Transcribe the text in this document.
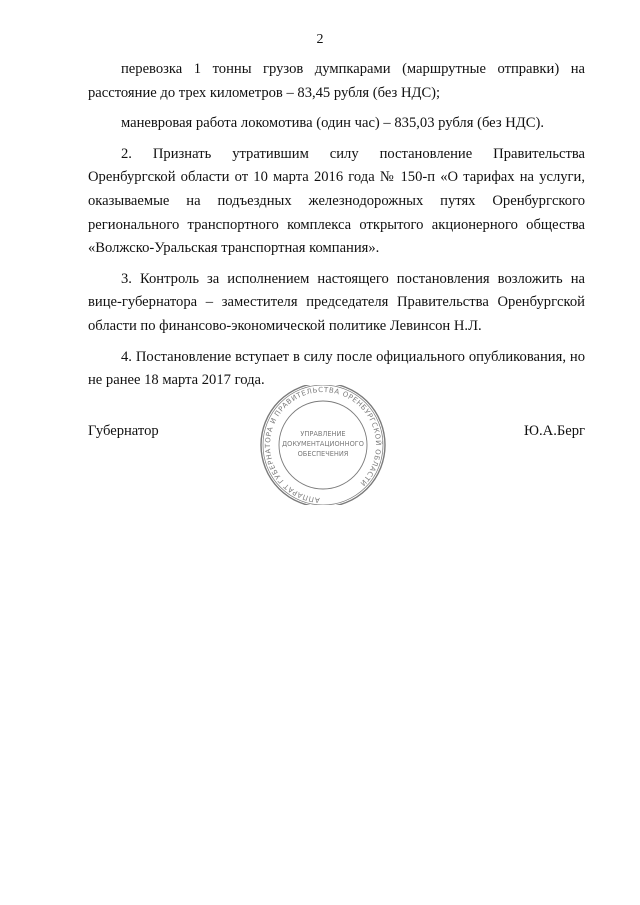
2

перевозка 1 тонны грузов думпкарами (маршрутные отправки) на расстояние до трех километров – 83,45 рубля (без НДС);

маневровая работа локомотива (один час) – 835,03 рубля (без НДС).

2. Признать утратившим силу постановление Правительства Оренбургской области от 10 марта 2016 года № 150-п «О тарифах на услуги, оказываемые на подъездных железнодорожных путях Оренбургского регионального транспортного комплекса открытого акционерного общества «Волжско-Уральская транспортная компания».

3. Контроль за исполнением настоящего постановления возложить на вице-губернатора – заместителя председателя Правительства Оренбургской области по финансово-экономической политике Левинсон Н.Л.

4. Постановление вступает в силу после официального опубликования, но не ранее 18 марта 2017 года.

Губернатор	Ю.А.Берг
АППАРАТ ГУБЕРНАТОРА И ПРАВИТЕЛЬСТВА ОРЕНБУРГСКОЙ ОБЛАСТИ
УПРАВЛЕНИЕ
ДОКУМЕНТАЦИОННОГО
ОБЕСПЕЧЕНИЯ
